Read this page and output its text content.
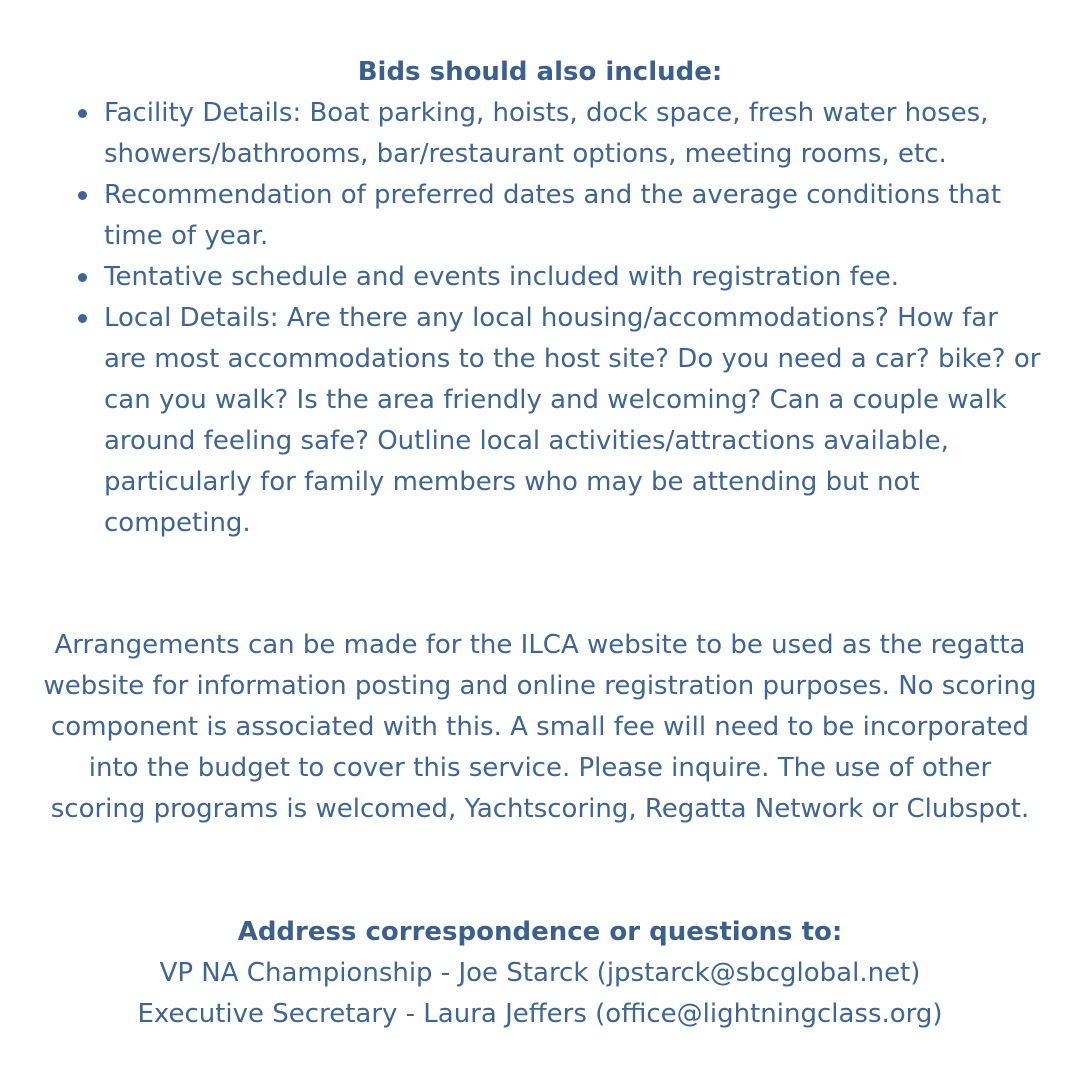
Bids should also include:
Facility Details: Boat parking, hoists, dock space, fresh water hoses, showers/bathrooms, bar/restaurant options, meeting rooms, etc.
Recommendation of preferred dates and the average conditions that time of year.
Tentative schedule and events included with registration fee.
Local Details: Are there any local housing/accommodations? How far are most accommodations to the host site? Do you need a car? bike? or can you walk? Is the area friendly and welcoming? Can a couple walk around feeling safe? Outline local activities/attractions available, particularly for family members who may be attending but not competing.

Arrangements can be made for the ILCA website to be used as the regatta website for information posting and online registration purposes. No scoring component is associated with this. A small fee will need to be incorporated into the budget to cover this service. Please inquire. The use of other scoring programs is welcomed, Yachtscoring, Regatta Network or Clubspot.

Address correspondence or questions to:

VP NA Championship - Joe Starck (jpstarck@sbcglobal.net)

Executive Secretary - Laura Jeffers (office@lightningclass.org)
